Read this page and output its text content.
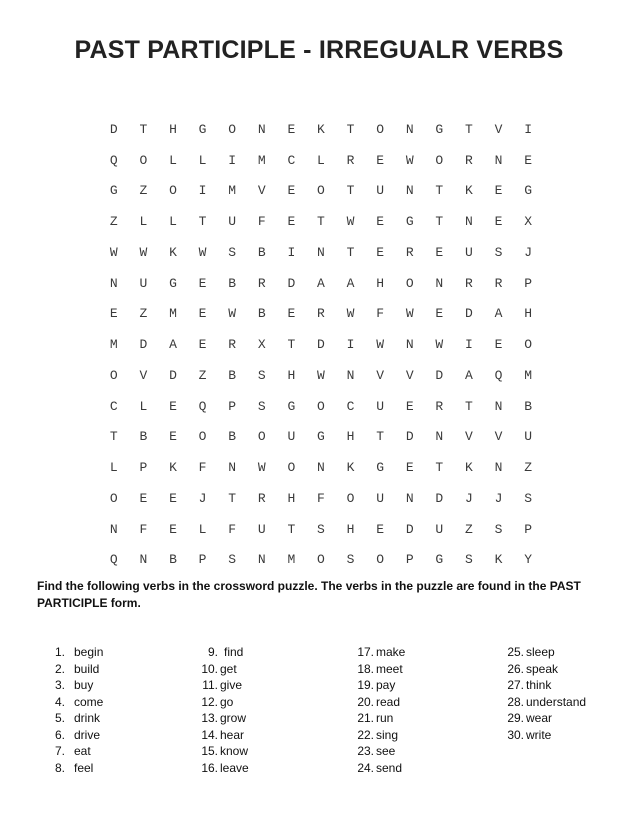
PAST PARTICIPLE - IRREGUALR VERBS
D	T	H	G	O	N	E	K	T	O	N	G	T	V	I
Q	O	L	L	I	M	C	L	R	E	W	O	R	N	E
G	Z	O	I	M	V	E	O	T	U	N	T	K	E	G
Z	L	L	T	U	F	E	T	W	E	G	T	N	E	X
W	W	K	W	S	B	I	N	T	E	R	E	U	S	J
N	U	G	E	B	R	D	A	A	H	O	N	R	R	P
E	Z	M	E	W	B	E	R	W	F	W	E	D	A	H
M	D	A	E	R	X	T	D	I	W	N	W	I	E	O
O	V	D	Z	B	S	H	W	N	V	V	D	A	Q	M
C	L	E	Q	P	S	G	O	C	U	E	R	T	N	B
T	B	E	O	B	O	U	G	H	T	D	N	V	V	U
L	P	K	F	N	W	O	N	K	G	E	T	K	N	Z
O	E	E	J	T	R	H	F	O	U	N	D	J	J	S
N	F	E	L	F	U	T	S	H	E	D	U	Z	S	P
Q	N	B	P	S	N	M	O	S	O	P	G	S	K	Y
Find the following verbs in the crossword puzzle. The verbs in the puzzle are found in the PAST PARTICIPLE form.
1. begin
2. build
3. buy
4. come
5. drink
6. drive
7. eat
8. feel
9. find
10. get
11. give
12. go
13. grow
14. hear
15. know
16. leave
17. make
18. meet
19. pay
20. read
21. run
22. sing
23. see
24. send
25. sleep
26. speak
27. think
28. understand
29. wear
30. write
